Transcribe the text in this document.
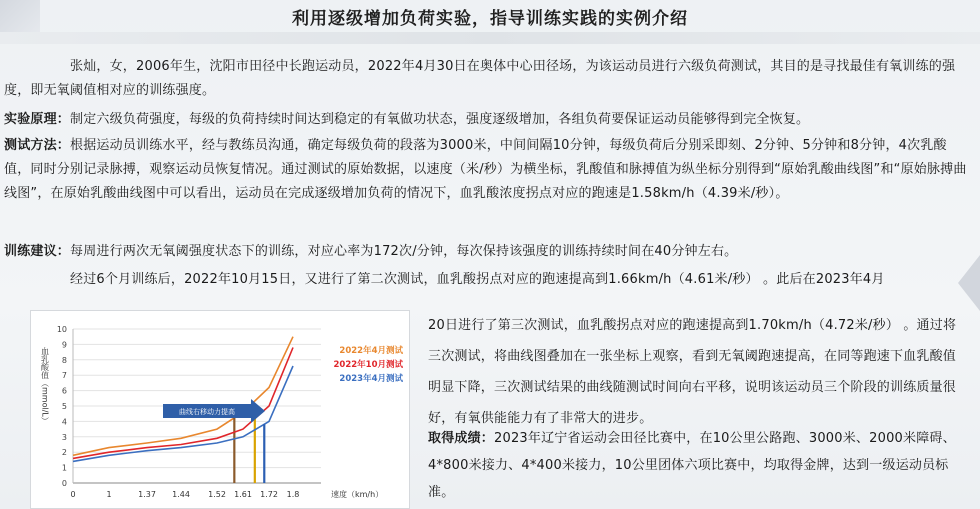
利用逐级增加负荷实验，指导训练实践的实例介绍

张灿，女，2006年生，沈阳市田径中长跑运动员，2022年4月30日在奥体中心田径场，为该运动员进行六级负荷测试，其目的是寻找最佳有氧训练的强度，即无氧阈值相对应的训练强度。

实验原理：制定六级负荷强度，每级的负荷持续时间达到稳定的有氧做功状态，强度逐级增加，各组负荷要保证运动员能够得到完全恢复。

测试方法：根据运动员训练水平，经与教练员沟通，确定每级负荷的段落为3000米，中间间隔10分钟，每级负荷后分别采即刻、2分钟、5分钟和8分钟，4次乳酸值，同时分别记录脉搏，观察运动员恢复情况。通过测试的原始数据，以速度（米/秒）为横坐标，乳酸值和脉搏值为纵坐标分别得到“原始乳酸曲线图”和“原始脉搏曲线图”，在原始乳酸曲线图中可以看出，运动员在完成逐级增加负荷的情况下，血乳酸浓度拐点对应的跑速是1.58km/h（4.39米/秒）。

训练建议：每周进行两次无氧阈强度状态下的训练，对应心率为172次/分钟，每次保持该强度的训练持续时间在40分钟左右。

经过6个月训练后，2022年10月15日，又进行了第二次测试，血乳酸拐点对应的跑速提高到1.66km/h（4.61米/秒） 。此后在2023年4月

0
1
2
3
4
5
6
7
8
9
10
0	1	1.37 1.44 1.52 1.61 1.72 1.8	速度（km/h）
血乳酸值（mmol/L）	2022年4月测试
2022年10月测试
2023年4月测试
曲线右移动力提高

20日进行了第三次测试，血乳酸拐点对应的跑速提高到1.70km/h（4.72米/秒） 。通过将三次测试，将曲线图叠加在一张坐标上观察，看到无氧阈跑速提高，在同等跑速下血乳酸值明显下降，三次测试结果的曲线随测试时间向右平移，说明该运动员三个阶段的训练质量很好，有氧供能能力有了非常大的进步。

取得成绩：2023年辽宁省运动会田径比赛中，在10公里公路跑、3000米、2000米障碍、4*800米接力、4*400米接力，10公里团体六项比赛中，均取得金牌，达到一级运动员标准。
